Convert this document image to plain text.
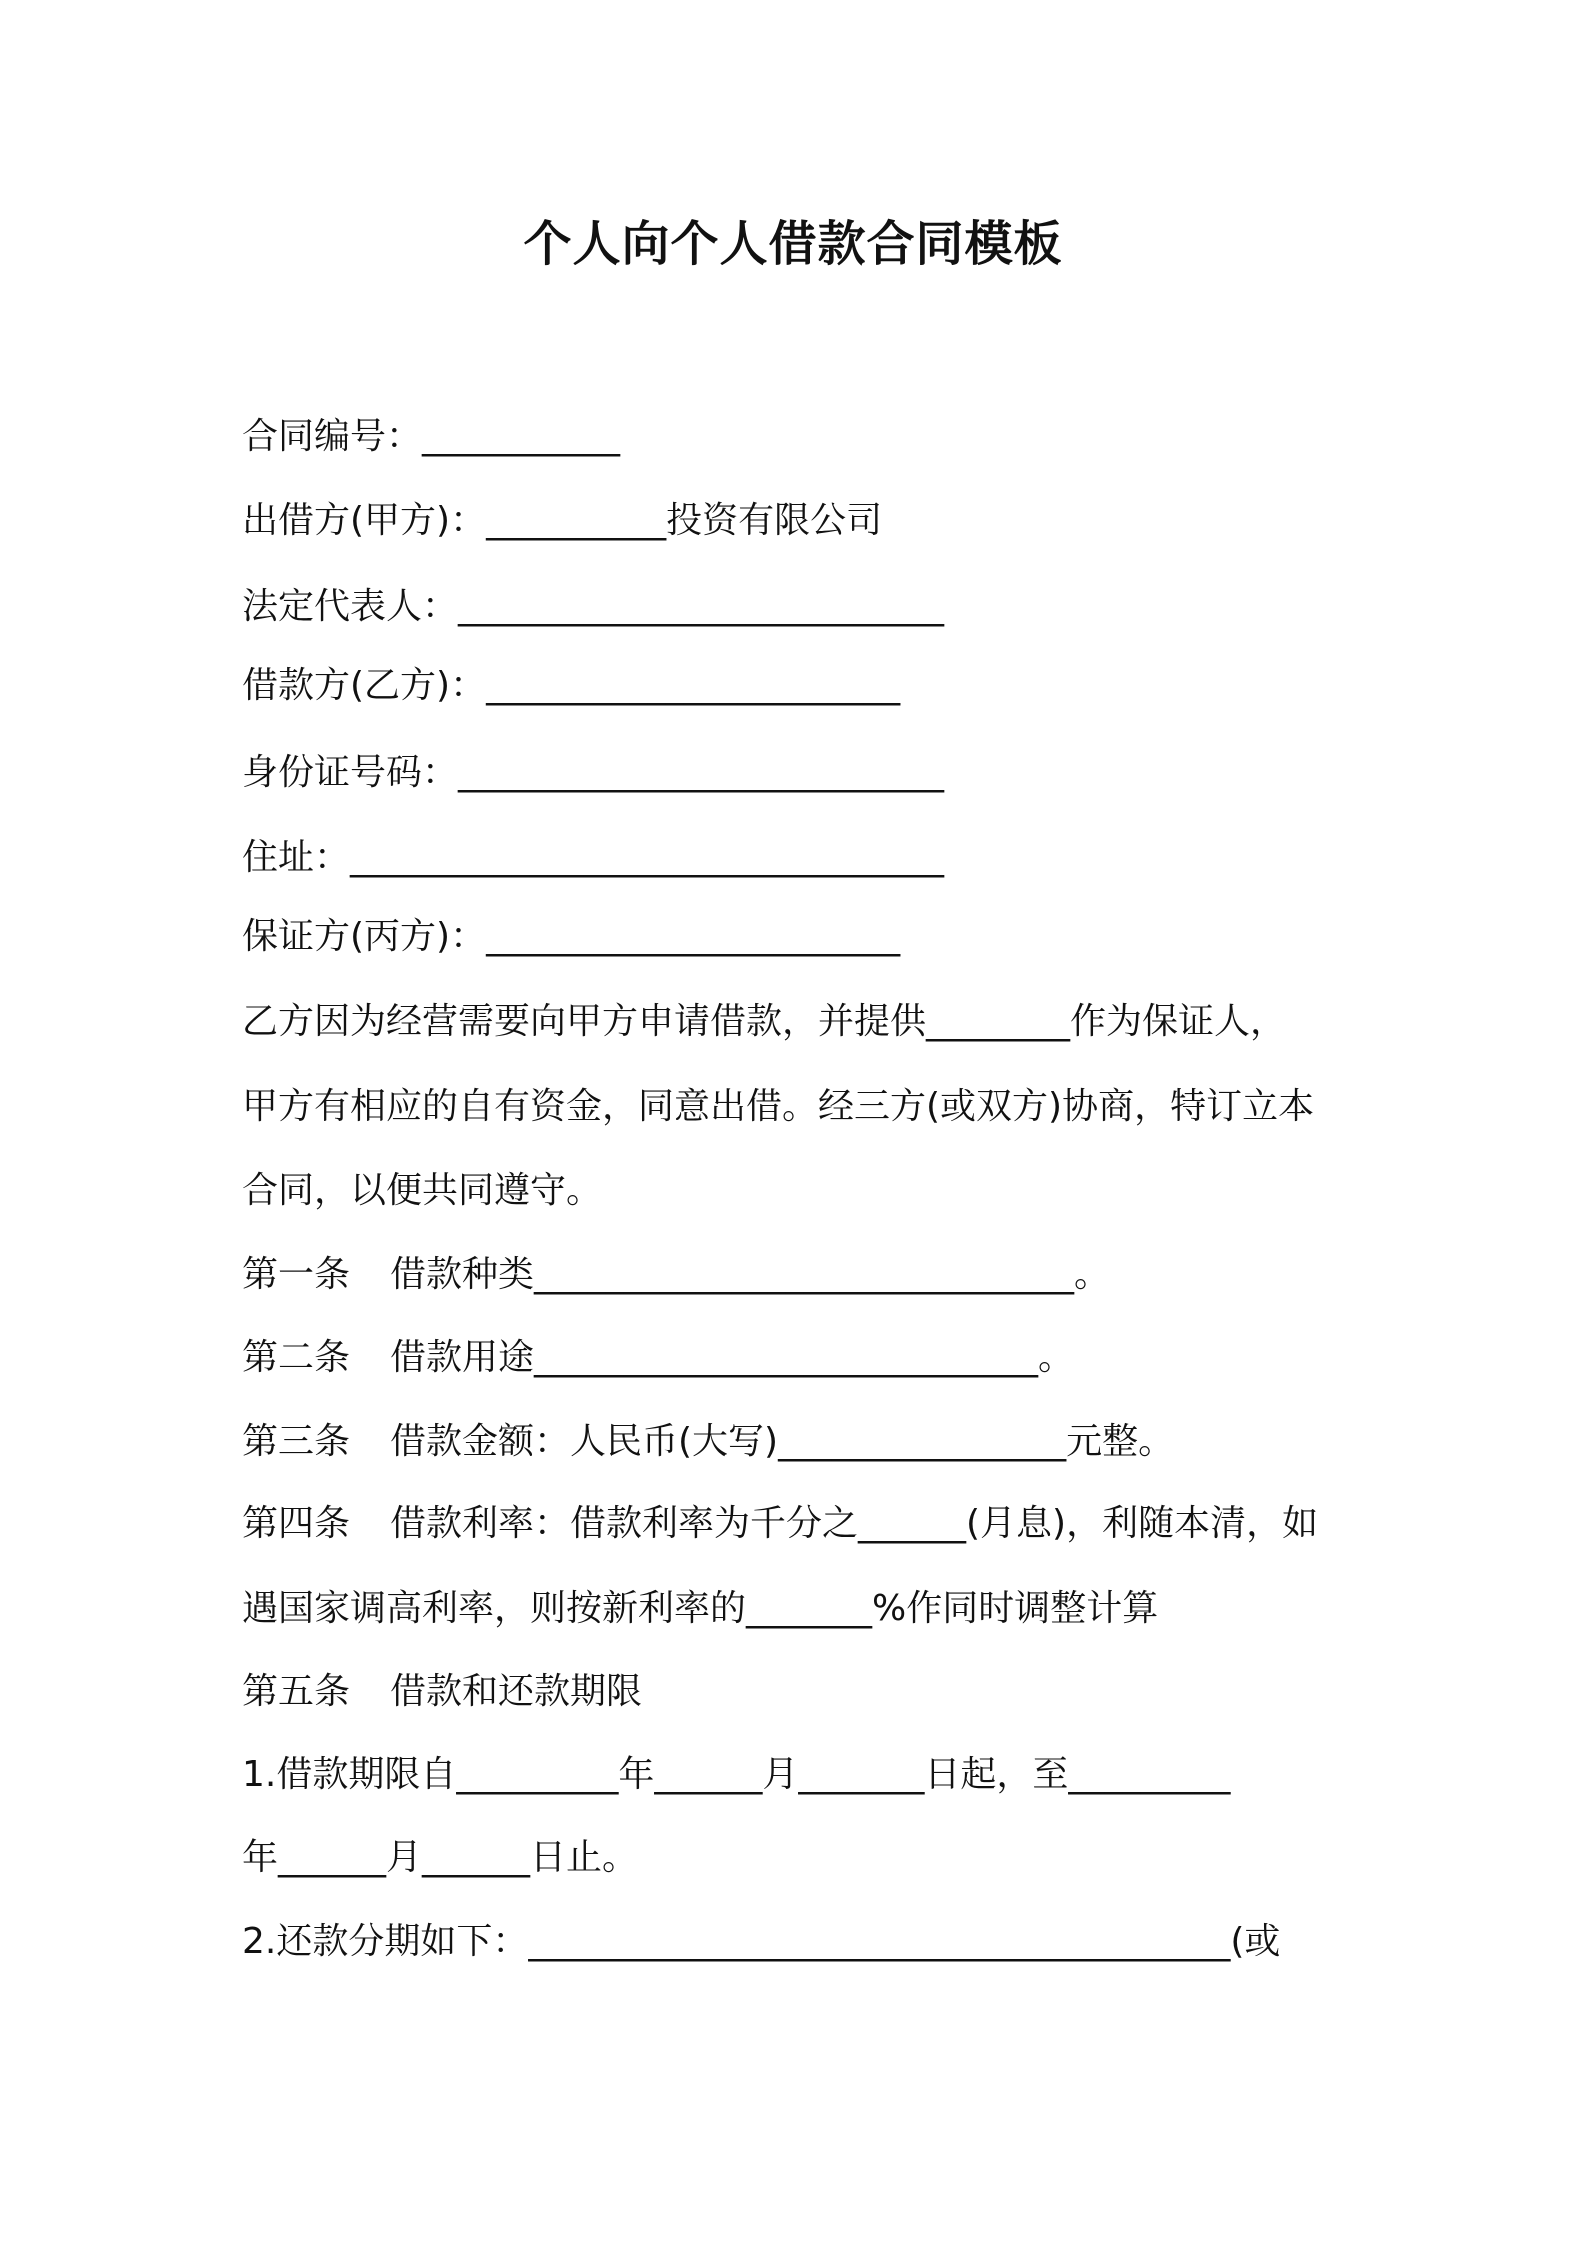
个人向个人借款合同模板
合同编号：___________
出借方(甲方)：__________投资有限公司
法定代表人：___________________________
借款方(乙方)：_______________________
身份证号码：___________________________
住址：_________________________________
保证方(丙方)：_______________________
乙方因为经营需要向甲方申请借款，并提供________作为保证人，
甲方有相应的自有资金，同意出借。经三方(或双方)协商，特订立本
合同，以便共同遵守。
第一条 借款种类______________________________。
第二条 借款用途____________________________。
第三条 借款金额：人民币(大写)________________元整。
第四条 借款利率：借款利率为千分之______(月息)，利随本清，如
遇国家调高利率，则按新利率的_______%作同时调整计算
第五条 借款和还款期限
1.借款期限自_________年______月_______日起，至_________
年______月______日止。
2.还款分期如下：_______________________________________(或
